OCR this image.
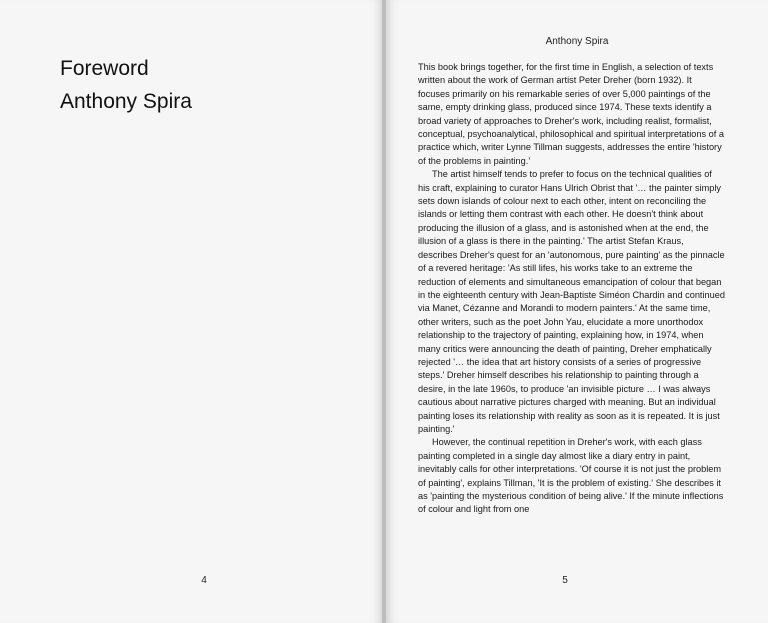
Foreword
Anthony Spira
4
Anthony Spira
5

This book brings together, for the first time in English, a selection of texts written about the work of German artist Peter Dreher (born 1932). It focuses primarily on his remarkable series of over 5,000 paintings of the same, empty drinking glass, produced since 1974. These texts identify a broad variety of approaches to Dreher's work, including realist, formalist, conceptual, psychoanalytical, philosophical and spiritual interpretations of a practice which, writer Lynne Tillman suggests, addresses the entire 'history of the problems in painting.'

The artist himself tends to prefer to focus on the technical qualities of his craft, explaining to curator Hans Ulrich Obrist that '… the painter simply sets down islands of colour next to each other, intent on reconciling the islands or letting them contrast with each other. He doesn't think about producing the illusion of a glass, and is astonished when at the end, the illusion of a glass is there in the painting.' The artist Stefan Kraus, describes Dreher's quest for an 'autonomous, pure painting' as the pinnacle of a revered heritage: 'As still lifes, his works take to an extreme the reduction of elements and simultaneous emancipation of colour that began in the eighteenth century with Jean-Baptiste Siméon Chardin and continued via Manet, Cézanne and Morandi to modern painters.' At the same time, other writers, such as the poet John Yau, elucidate a more unorthodox relationship to the trajectory of painting, explaining how, in 1974, when many critics were announcing the death of painting, Dreher emphatically rejected '… the idea that art history consists of a series of progressive steps.' Dreher himself describes his relationship to painting through a desire, in the late 1960s, to produce 'an invisible picture … I was always cautious about narrative pictures charged with meaning. But an individual painting loses its relationship with reality as soon as it is repeated. It is just painting.'

However, the continual repetition in Dreher's work, with each glass painting completed in a single day almost like a diary entry in paint, inevitably calls for other interpretations. 'Of course it is not just the problem of painting', explains Tillman, 'It is the problem of existing.' She describes it as 'painting the mysterious condition of being alive.' If the minute inflections of colour and light from one
